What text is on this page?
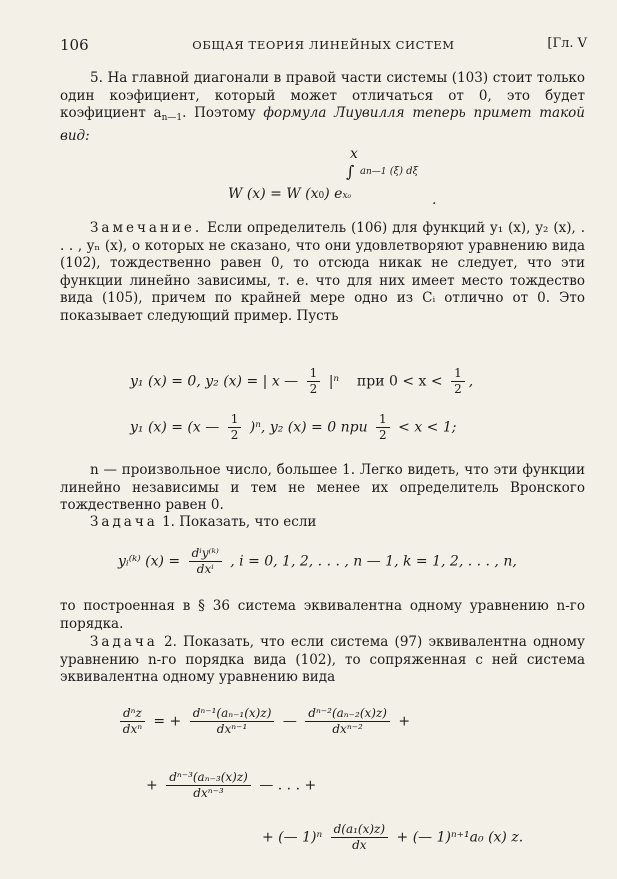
106	ОБЩАЯ ТЕОРИЯ ЛИНЕЙНЫХ СИСТЕМ	[Гл. V
5. На главной диагонали в правой части системы (103) стоит только один коэфициент, который может отличаться от 0, это будет коэфициент $a_{n—1}$. Поэтому формула Лиувилля теперь примет такой вид:
x
∫ an—1 (ξ) dξ
W (x) = W (x0) ex₀	.
Замечание. Если определитель (106) для функций y₁ (x), y₂ (x), . . . , yₙ (x), о которых не сказано, что они удовлетворяют уравнению вида (102), тождественно равен 0, то отсюда никак не следует, что эти функции линейно зависимы, т. е. что для них имеет место тождество вида (105), причем по крайней мере одно из Cᵢ отлично от 0. Это показывает следующий пример. Пусть
y₁ (x) = 0, y₂ (x) = | x — $\frac{1}{2} |^n$ при $0 < x < \frac{1}{2}$ ,
y₁ (x) = (x — $\frac{1}{2} )^n$, y₂ (x) = 0 при $\frac{1}{2} < x < 1$;
n — произвольное число, большее 1. Легко видеть, что эти функции линейно независимы и тем не менее их определитель Вронского тождественно равен 0.
Задача 1. Показать, что если
yᵢ⁽ᵏ⁾ $(x) = \frac{\text{dⁱy⁽ᵏ⁾}}{\text{dxⁱ}}$ , i = 0, 1, 2, . . . , n — 1, k = 1, 2, . . . , n,
то построенная в § 36 система эквивалентна одному уравнению n-го порядка.
Задача 2. Показать, что если система (97) эквивалентна одному уравнению n-го порядка вида (102), то сопряженная с ней система эквивалентна одному уравнению вида
$\frac{\text{dⁿz}}{\text{dxⁿ}}$ = + $\frac{\text{dⁿ⁻¹(aₙ₋₁(x)z)}}{\text{dxⁿ⁻¹}}$ — $\frac{\text{dⁿ⁻²(aₙ₋₂(x)z)}}{\text{dxⁿ⁻²}}$ +
+ $\frac{\text{dⁿ⁻³(aₙ₋₃(x)z)}}{\text{dxⁿ⁻³}}$ — . . . +
+ (— $1)^n \frac{\text{d(a₁(x)z)}}{dx}$ + (— 1)ⁿ⁺¹a₀ (x) z.
